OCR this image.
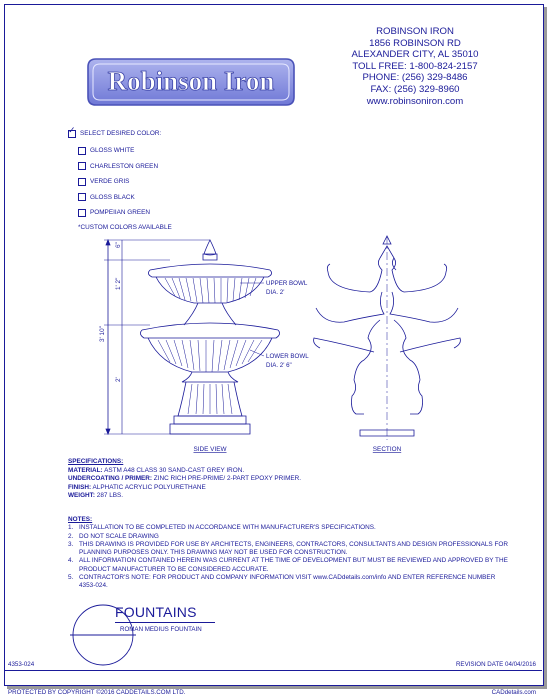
Robinson Iron
ROBINSON IRON
1856 ROBINSON RD
ALEXANDER CITY, AL 35010
TOLL FREE: 1-800-824-2157
PHONE: (256) 329-8486
FAX: (256) 329-8960
www.robinsoniron.com
✓
SELECT DESIRED COLOR:
GLOSS WHITE
CHARLESTON GREEN
VERDE GRIS
GLOSS BLACK
POMPEIIAN GREEN
*CUSTOM COLORS AVAILABLE
6"
1' 2"
3' 10"
2'
UPPER BOWL
DIA. 2'
LOWER BOWL
DIA. 2' 6"
SIDE VIEW	SECTION
SPECIFICATIONS:
MATERIAL: ASTM A48 CLASS 30 SAND-CAST GREY IRON.
UNDERCOATING / PRIMER: ZINC RICH PRE-PRIME/ 2-PART EPOXY PRIMER.
FINISH: ALPHATIC ACRYLIC POLYURETHANE
WEIGHT: 287 LBS.
NOTES:
1. INSTALLATION TO BE COMPLETED IN ACCORDANCE WITH MANUFACTURER'S SPECIFICATIONS.
2. DO NOT SCALE DRAWING
3. THIS DRAWING IS PROVIDED FOR USE BY ARCHITECTS, ENGINEERS, CONTRACTORS, CONSULTANTS AND DESIGN PROFESSIONALS FOR PLANNING PURPOSES ONLY. THIS DRAWING MAY NOT BE USED FOR CONSTRUCTION.
4. ALL INFORMATION CONTAINED HEREIN WAS CURRENT AT THE TIME OF DEVELOPMENT BUT MUST BE REVIEWED AND APPROVED BY THE PRODUCT MANUFACTURER TO BE CONSIDERED ACCURATE.
5. CONTRACTOR'S NOTE: FOR PRODUCT AND COMPANY INFORMATION VISIT www.CADdetails.com/info AND ENTER REFERENCE NUMBER 4353-024.
FOUNTAINS
ROMAN MEDIUS FOUNTAIN
4353-024	REVISION DATE 04/04/2016
PROTECTED BY COPYRIGHT ©2016 CADDETAILS.COM LTD.	CADdetails.com
